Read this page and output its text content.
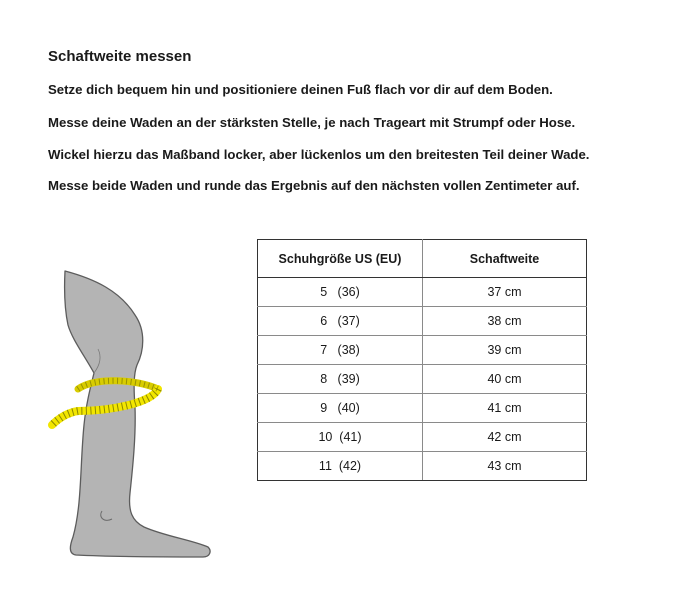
Schaftweite messen

Setze dich bequem hin und positioniere deinen Fuß flach vor dir auf dem Boden.

Messe deine Waden an der stärksten Stelle, je nach Trageart mit Strumpf oder Hose.

Wickel hierzu das Maßband locker, aber lückenlos um den breitesten Teil deiner Wade.

Messe beide Waden und runde das Ergebnis auf den nächsten vollen Zentimeter auf.

Schuhgröße US (EU)	Schaftweite
5   (36)	37 cm
6   (37)	38 cm
7   (38)	39 cm
8   (39)	40 cm
9   (40)	41 cm
10  (41)	42 cm
11  (42)	43 cm
